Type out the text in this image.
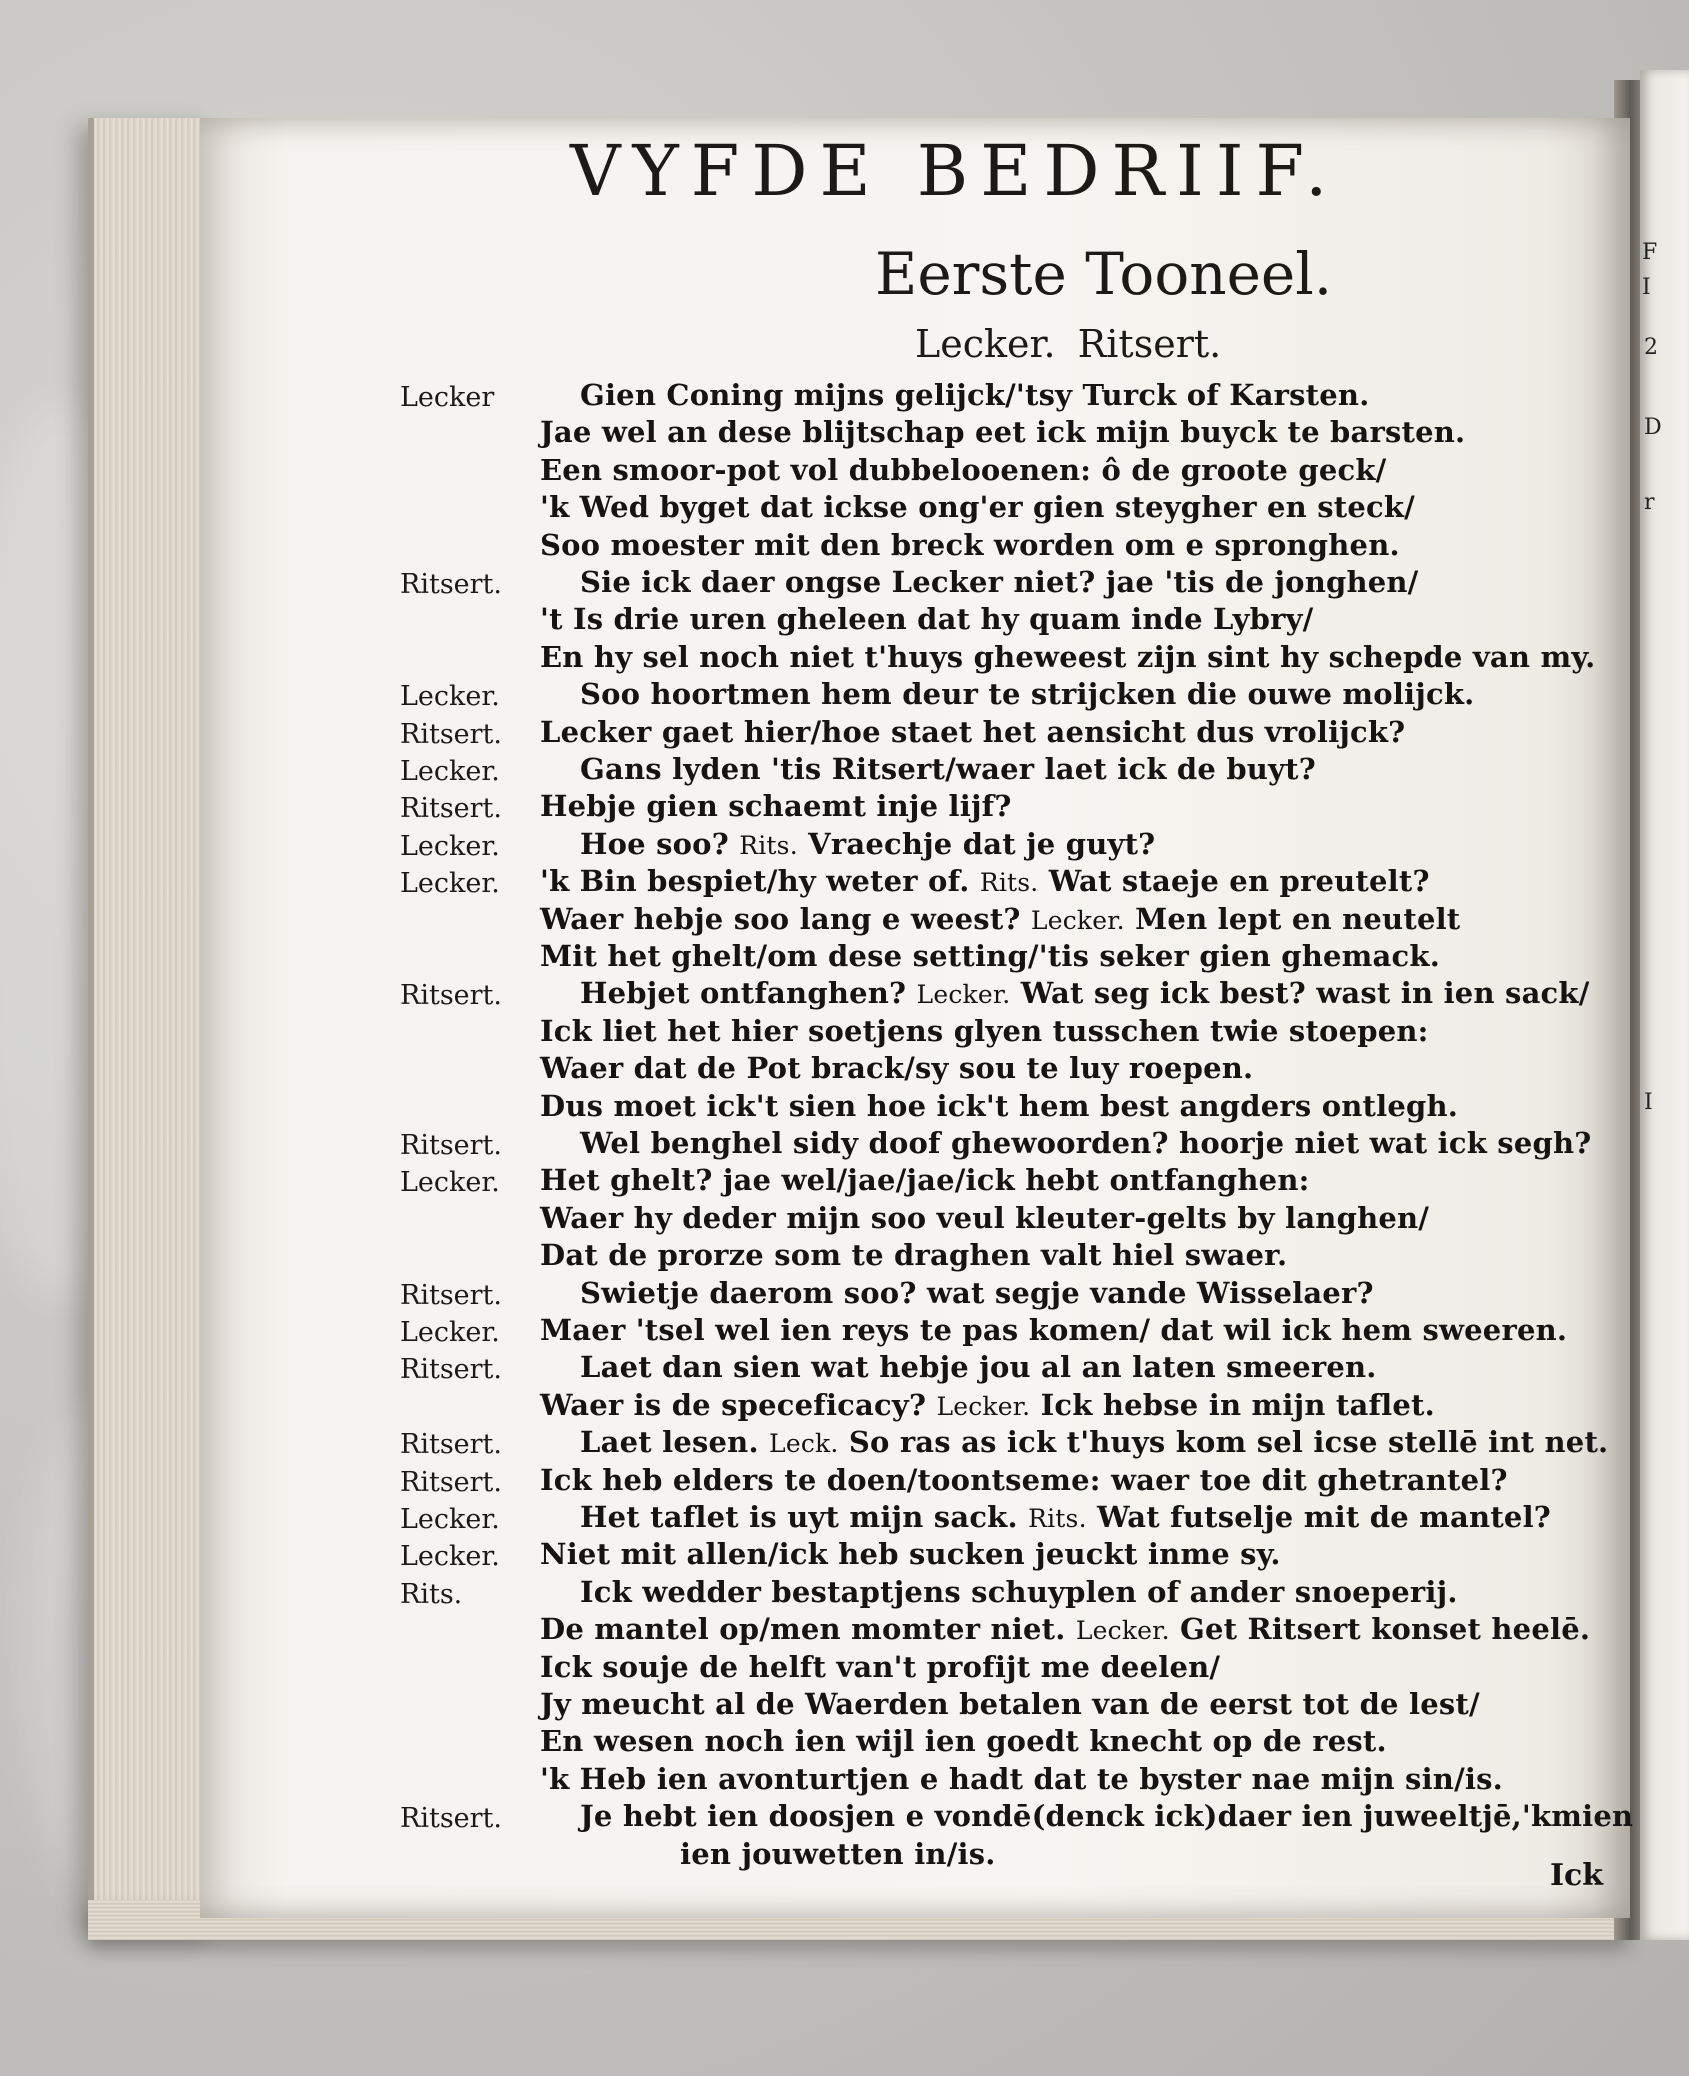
F
I
2
D
r
I
VYFDE BEDRIIF.
Eerste Tooneel.
Lecker. Ritsert.
Lecker	Gien Coning mijns gelijck/'tsy Turck of Karsten.
Jae wel an dese blijtschap eet ick mijn buyck te barsten.
Een smoor-pot vol dubbelooenen: ô de groote geck/
'k Wed byget dat ickse ong'er gien steygher en steck/
Soo moester mit den breck worden om e spronghen.
Ritsert.	Sie ick daer ongse Lecker niet? jae 'tis de jonghen/
't Is drie uren gheleen dat hy quam inde Lybry/
En hy sel noch niet t'huys gheweest zijn sint hy schepde van my.
Lecker.	Soo hoortmen hem deur te strijcken die ouwe molijck.
Ritsert. Lecker gaet hier/hoe staet het aensicht dus vrolijck?
Lecker.	Gans lyden 'tis Ritsert/waer laet ick de buyt?
Ritsert. Hebje gien schaemt inje lijf?
Lecker.	Hoe soo? Rits. Vraechje dat je guyt?
Lecker. 'k Bin bespiet/hy weter of. Rits. Wat staeje en preutelt?
Waer hebje soo lang e weest? Lecker. Men lept en neutelt
Mit het ghelt/om dese setting/'tis seker gien ghemack.
Ritsert.	Hebjet ontfanghen? Lecker. Wat seg ick best? wast in ien sack/
Ick liet het hier soetjens glyen tusschen twie stoepen:
Waer dat de Pot brack/sy sou te luy roepen.
Dus moet ick't sien hoe ick't hem best angders ontlegh.
Ritsert.	Wel benghel sidy doof ghewoorden? hoorje niet wat ick segh?
Lecker. Het ghelt? jae wel/jae/jae/ick hebt ontfanghen:
Waer hy deder mijn soo veul kleuter-gelts by langhen/
Dat de prorze som te draghen valt hiel swaer.
Ritsert.	Swietje daerom soo? wat segje vande Wisselaer?
Lecker. Maer 'tsel wel ien reys te pas komen/ dat wil ick hem sweeren.
Ritsert.	Laet dan sien wat hebje jou al an laten smeeren.
Waer is de speceficacy? Lecker. Ick hebse in mijn taflet.
Ritsert.	Laet lesen. Leck. So ras as ick t'huys kom sel icse stellē int net.
Ritsert. Ick heb elders te doen/toontseme: waer toe dit ghetrantel?
Lecker.	Het taflet is uyt mijn sack. Rits. Wat futselje mit de mantel?
Lecker. Niet mit allen/ick heb sucken jeuckt inme sy.
Rits.	Ick wedder bestaptjens schuyplen of ander snoeperij.
De mantel op/men momter niet. Lecker. Get Ritsert konset heelē.
Ick souje de helft van't profijt me deelen/
Jy meucht al de Waerden betalen van de eerst tot de lest/
En wesen noch ien wijl ien goedt knecht op de rest.
'k Heb ien avonturtjen e hadt dat te byster nae mijn sin/is.
Ritsert.	Je hebt ien doosjen e vondē(denck ick)daer ien juweeltjē,'kmien
ien jouwetten in/is.
Ick
